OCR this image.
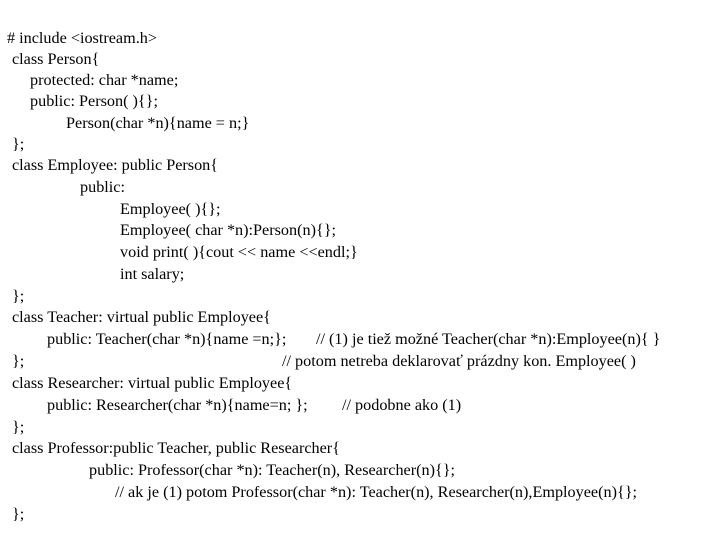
# include <iostream.h>
class Person{
protected: char *name;
public: Person( ){};
Person(char *n){name = n;}
};
class Employee: public Person{
public:
Employee( ){};
Employee( char *n):Person(n){};
void print( ){cout << name <<endl;}
int salary;
};
class Teacher: virtual public Employee{
public: Teacher(char *n){name =n;}; // (1) je tiež možné Teacher(char *n):Employee(n){ }
};	// potom netreba deklarovať prázdny kon. Employee( )
class Researcher: virtual public Employee{
public: Researcher(char *n){name=n; }; // podobne ako (1)
};
class Professor:public Teacher, public Researcher{
public: Professor(char *n): Teacher(n), Researcher(n){};
// ak je (1) potom Professor(char *n): Teacher(n), Researcher(n),Employee(n){};
};
